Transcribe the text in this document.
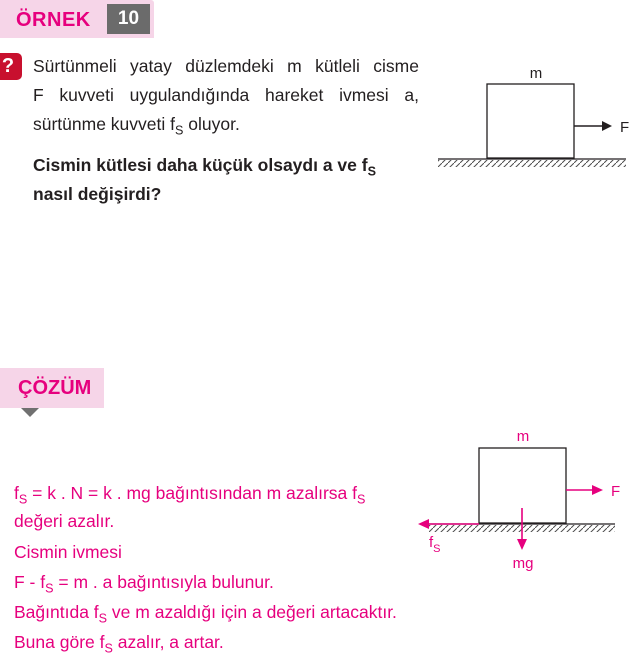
ÖRNEK	10
?	Sürtünmeli yatay düzlemdeki m kütleli cisme
F kuvveti uygulandığında hareket ivmesi a,
sürtünme kuvveti $f_S$ oluyor.
Cismin kütlesi daha küçük olsaydı a ve $f_S$
nasıl değişirdi?
m
F
ÇÖZÜM
m
F
$f_S$
mg
$f_S = k$ . N = k . mg bağıntısından m azalırsa $f_S$
değeri azalır.
Cismin ivmesi
$F - f_S = m$ . a bağıntısıyla bulunur.
Bağıntıda $f_S$ ve m azaldığı için a değeri artacaktır.
Buna göre $f_S$ azalır, a artar.
